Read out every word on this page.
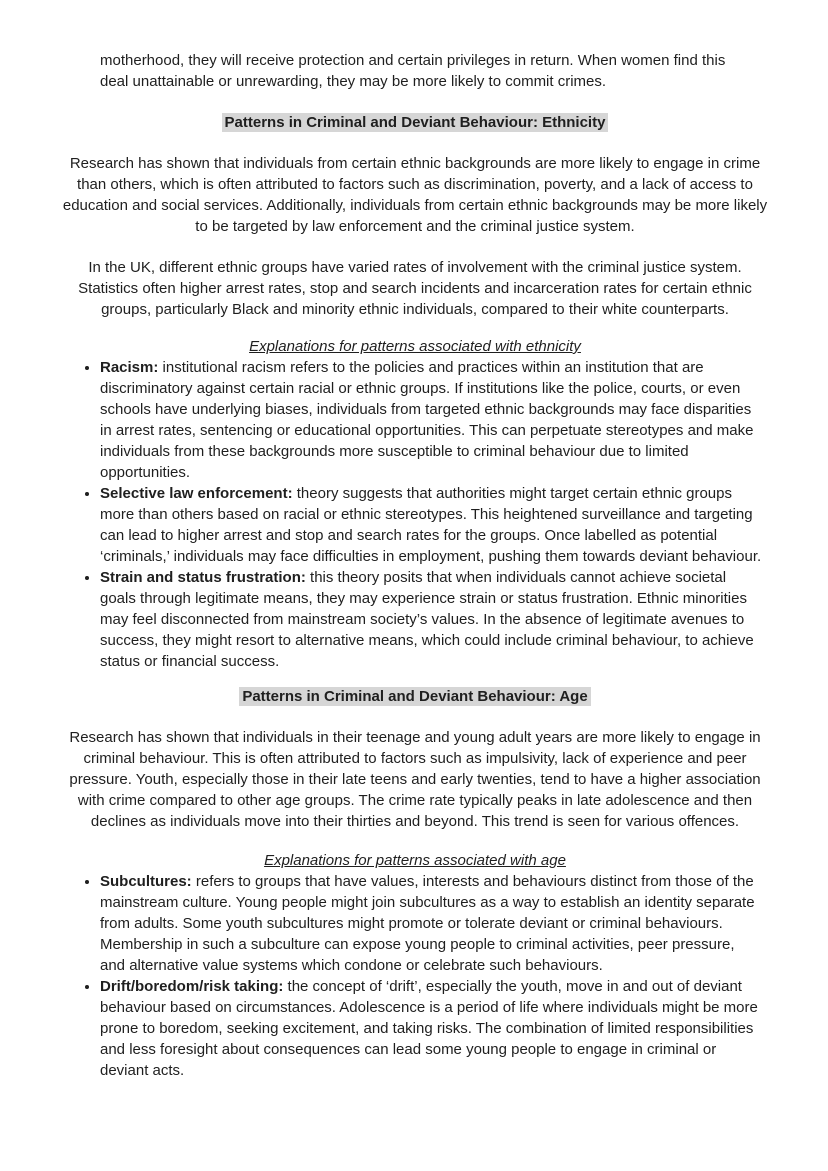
motherhood, they will receive protection and certain privileges in return. When women find this deal unattainable or unrewarding, they may be more likely to commit crimes.

Patterns in Criminal and Deviant Behaviour: Ethnicity

Research has shown that individuals from certain ethnic backgrounds are more likely to engage in crime than others, which is often attributed to factors such as discrimination, poverty, and a lack of access to education and social services. Additionally, individuals from certain ethnic backgrounds may be more likely to be targeted by law enforcement and the criminal justice system.

In the UK, different ethnic groups have varied rates of involvement with the criminal justice system. Statistics often higher arrest rates, stop and search incidents and incarceration rates for certain ethnic groups, particularly Black and minority ethnic individuals, compared to their white counterparts.

Explanations for patterns associated with ethnicity
• Racism: institutional racism refers to the policies and practices within an institution that are discriminatory against certain racial or ethnic groups. If institutions like the police, courts, or even schools have underlying biases, individuals from targeted ethnic backgrounds may face disparities in arrest rates, sentencing or educational opportunities. This can perpetuate stereotypes and make individuals from these backgrounds more susceptible to criminal behaviour due to limited opportunities.
• Selective law enforcement: theory suggests that authorities might target certain ethnic groups more than others based on racial or ethnic stereotypes. This heightened surveillance and targeting can lead to higher arrest and stop and search rates for the groups. Once labelled as potential ‘criminals,’ individuals may face difficulties in employment, pushing them towards deviant behaviour.
• Strain and status frustration: this theory posits that when individuals cannot achieve societal goals through legitimate means, they may experience strain or status frustration. Ethnic minorities may feel disconnected from mainstream society’s values. In the absence of legitimate avenues to success, they might resort to alternative means, which could include criminal behaviour, to achieve status or financial success.
Patterns in Criminal and Deviant Behaviour: Age

Research has shown that individuals in their teenage and young adult years are more likely to engage in criminal behaviour. This is often attributed to factors such as impulsivity, lack of experience and peer pressure. Youth, especially those in their late teens and early twenties, tend to have a higher association with crime compared to other age groups. The crime rate typically peaks in late adolescence and then declines as individuals move into their thirties and beyond. This trend is seen for various offences.

Explanations for patterns associated with age
• Subcultures: refers to groups that have values, interests and behaviours distinct from those of the mainstream culture. Young people might join subcultures as a way to establish an identity separate from adults. Some youth subcultures might promote or tolerate deviant or criminal behaviours. Membership in such a subculture can expose young people to criminal activities, peer pressure, and alternative value systems which condone or celebrate such behaviours.
• Drift/boredom/risk taking: the concept of ‘drift’, especially the youth, move in and out of deviant behaviour based on circumstances. Adolescence is a period of life where individuals might be more prone to boredom, seeking excitement, and taking risks. The combination of limited responsibilities and less foresight about consequences can lead some young people to engage in criminal or deviant acts.
